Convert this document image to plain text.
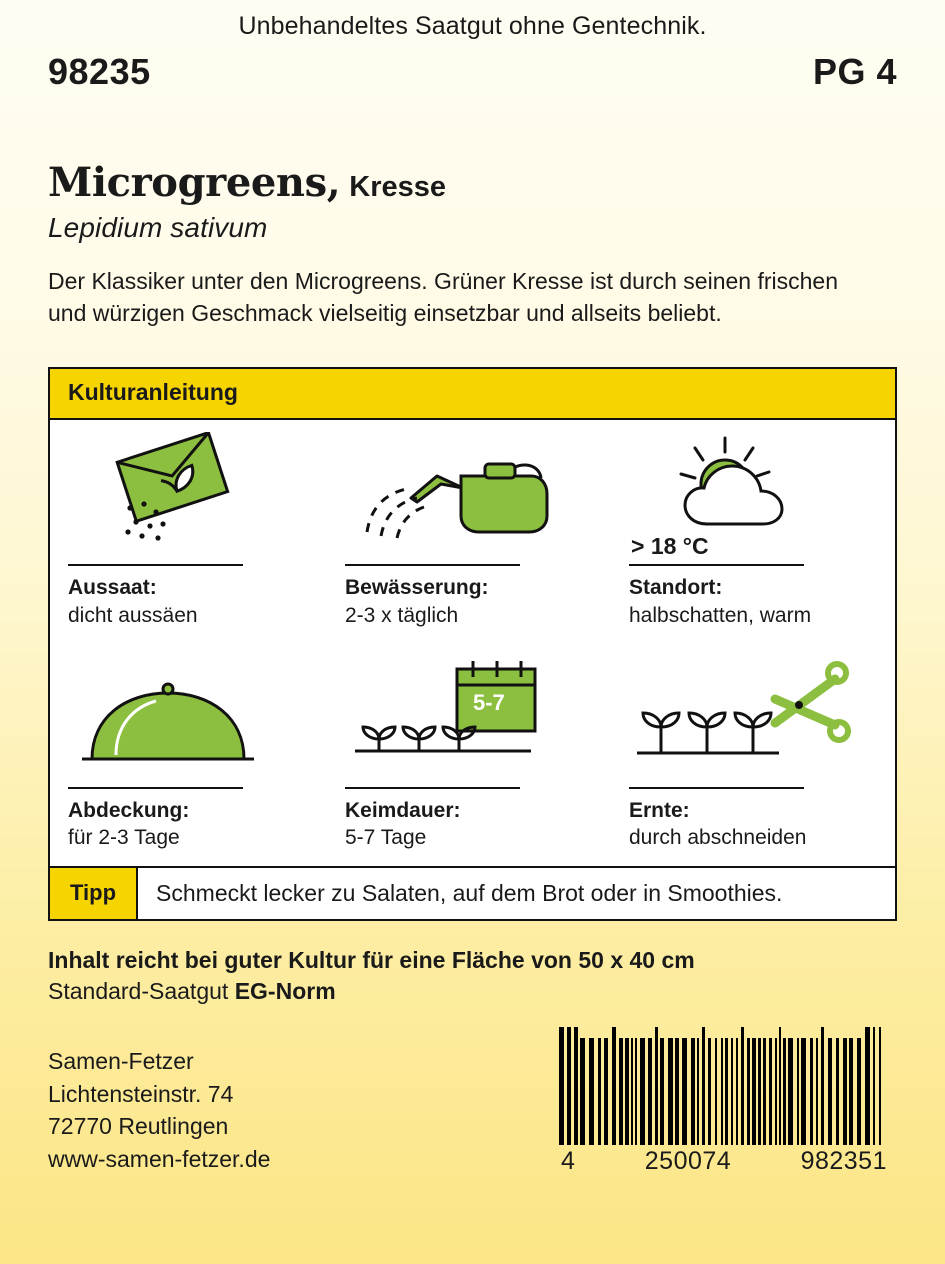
Unbehandeltes Saatgut ohne Gentechnik.
98235	PG 4
Microgreens, Kresse
Lepidium sativum
Der Klassiker unter den Microgreens. Grüner Kresse ist durch seinen frischen und würzigen Geschmack vielseitig einsetzbar und allseits beliebt.
Kulturanleitung
Aussaat:
dicht aussäen
Bewässerung:
2-3 x täglich
> 18 °C
Standort:
halbschatten, warm
Abdeckung:
für 2-3 Tage
5-7
Keimdauer:
5-7 Tage
Ernte:
durch abschneiden
Tipp	Schmeckt lecker zu Salaten, auf dem Brot oder in Smoothies.
Inhalt reicht bei guter Kultur für eine Fläche von 50 x 40 cm
Standard-Saatgut EG-Norm
Samen-Fetzer
Lichtensteinstr. 74
72770 Reutlingen
www-samen-fetzer.de	4	250074	982351
